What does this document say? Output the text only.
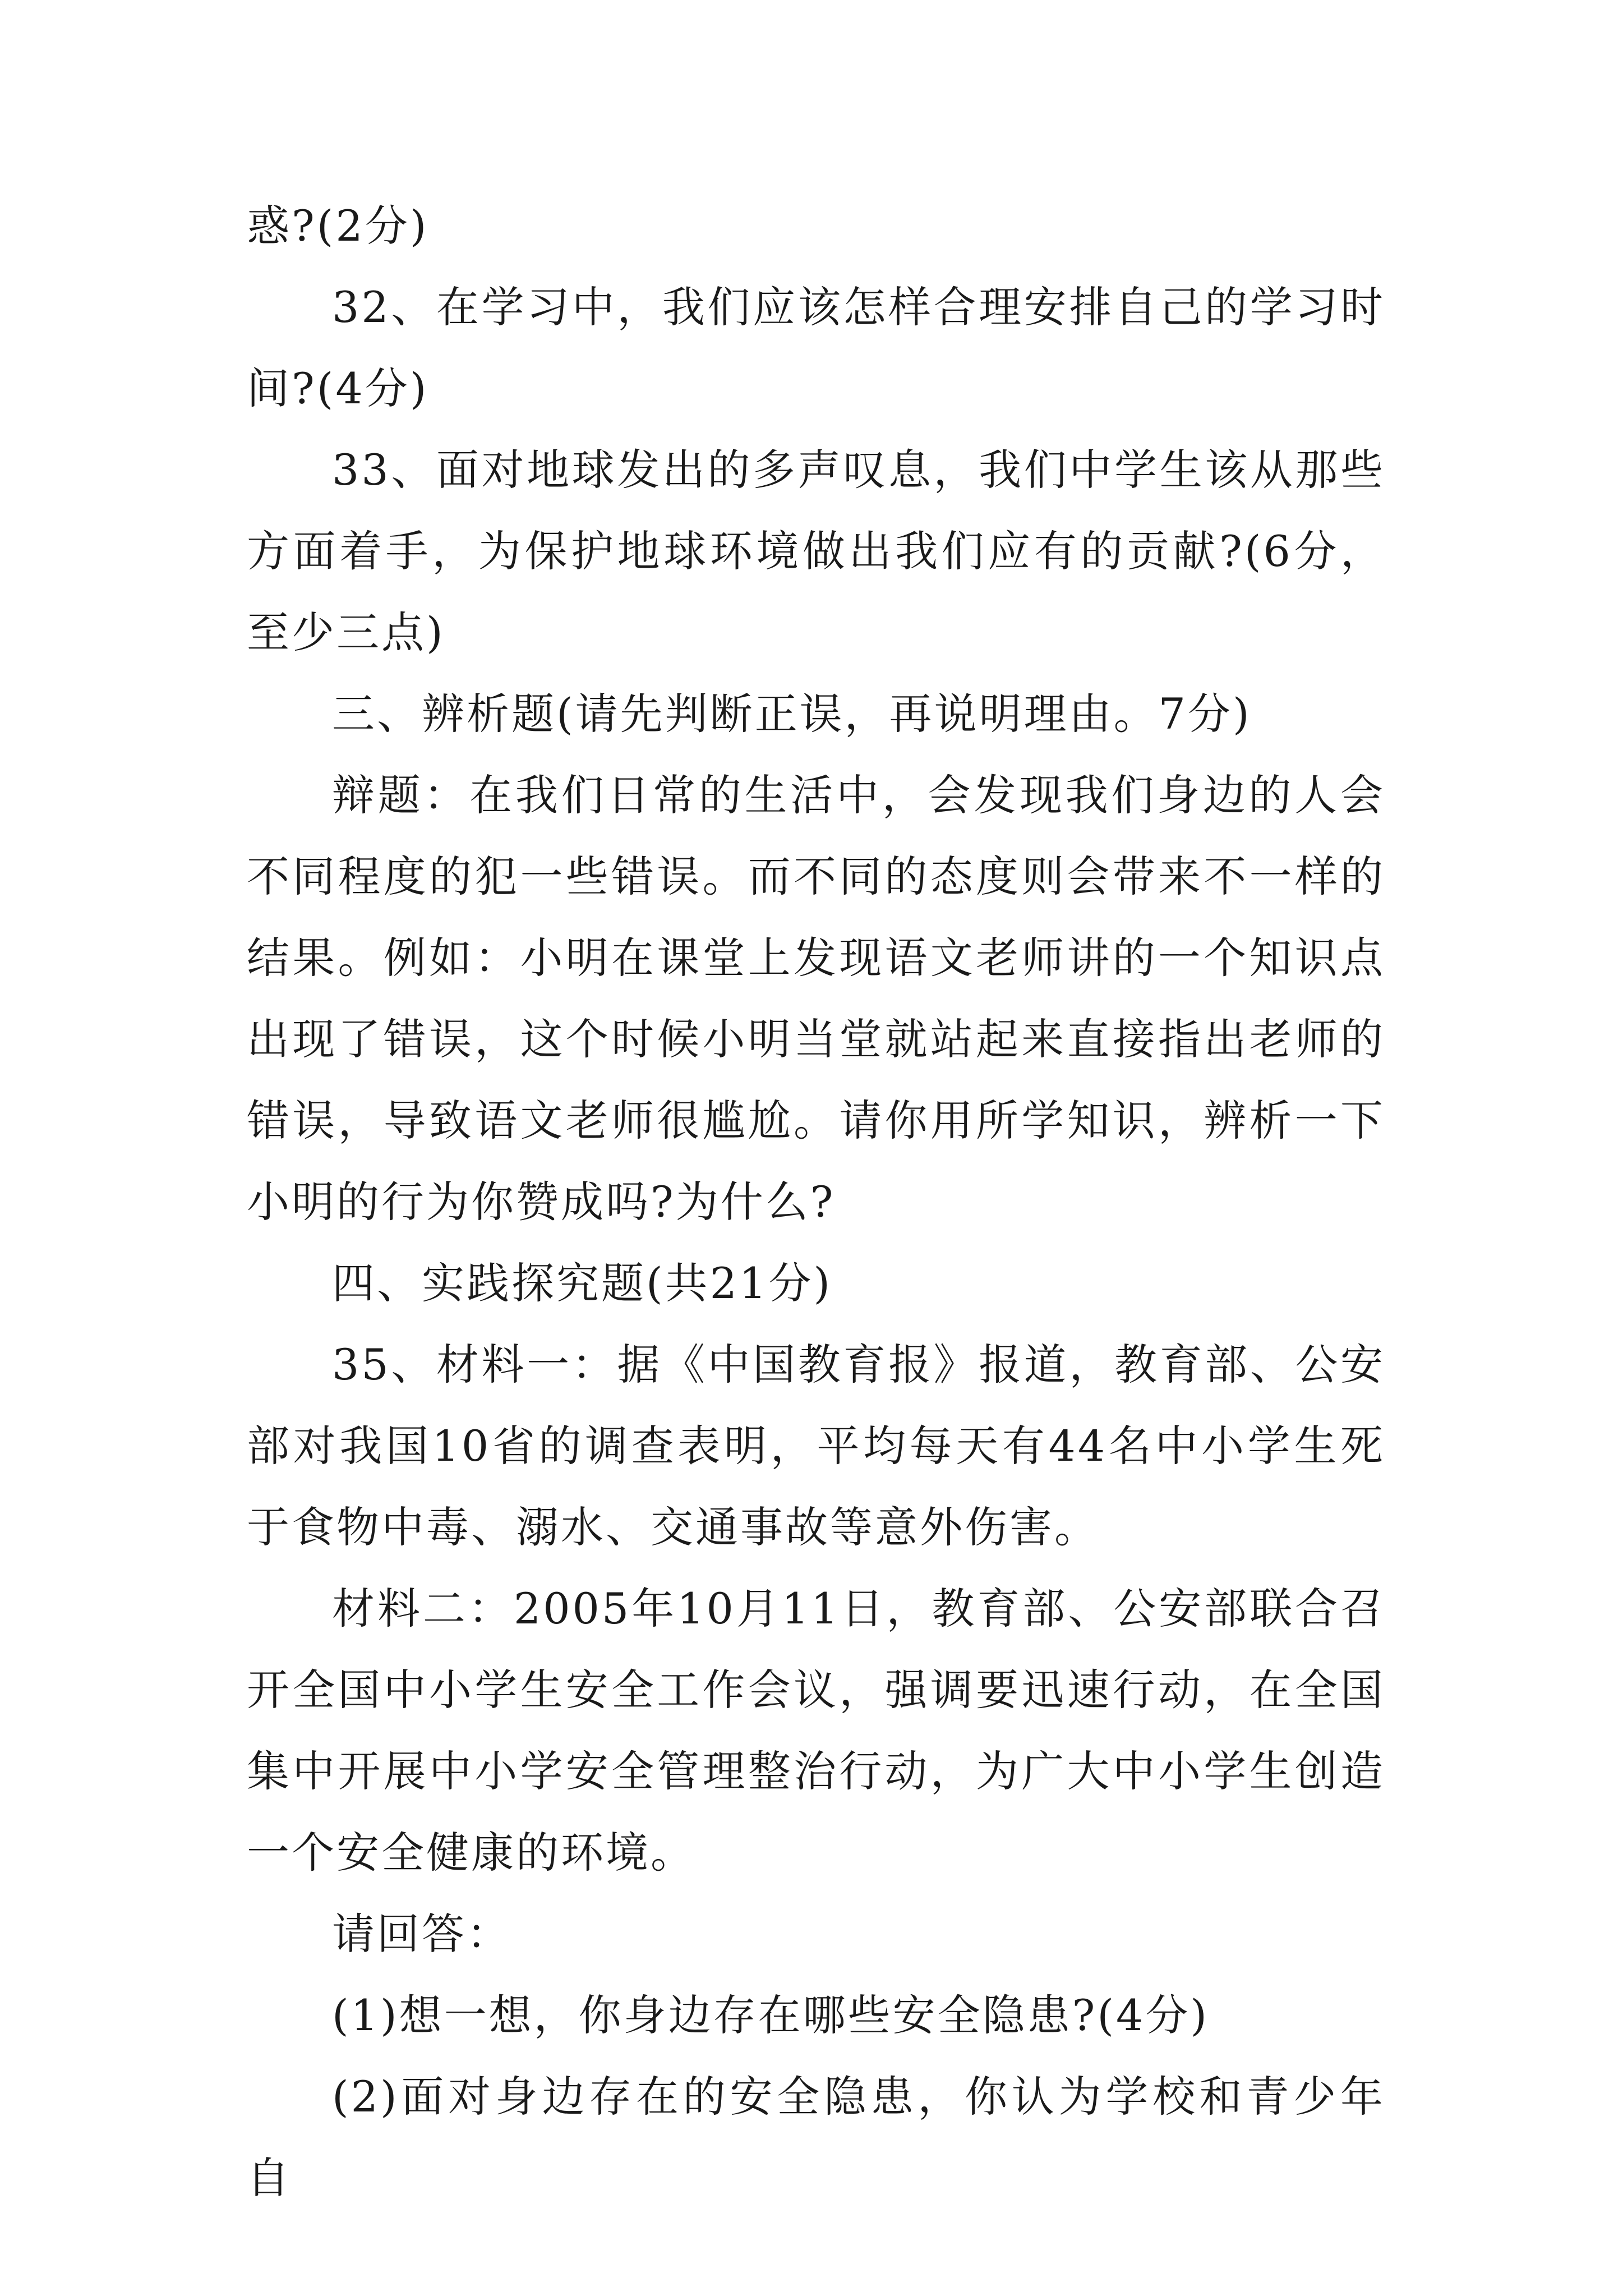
惑?(2分)

32、在学习中，我们应该怎样合理安排自己的学习时间?(4分)

33、面对地球发出的多声叹息，我们中学生该从那些方面着手，为保护地球环境做出我们应有的贡献?(6分，至少三点)

三、辨析题(请先判断正误，再说明理由。7分)

辩题：在我们日常的生活中，会发现我们身边的人会不同程度的犯一些错误。而不同的态度则会带来不一样的结果。例如：小明在课堂上发现语文老师讲的一个知识点出现了错误，这个时候小明当堂就站起来直接指出老师的错误，导致语文老师很尴尬。请你用所学知识，辨析一下小明的行为你赞成吗?为什么?

四、实践探究题(共21分)

35、材料一：据《中国教育报》报道，教育部、公安部对我国10省的调查表明，平均每天有44名中小学生死于食物中毒、溺水、交通事故等意外伤害。

材料二：2005年10月11日，教育部、公安部联合召开全国中小学生安全工作会议，强调要迅速行动，在全国集中开展中小学安全管理整治行动，为广大中小学生创造一个安全健康的环境。

请回答：

(1)想一想，你身边存在哪些安全隐患?(4分)

(2)面对身边存在的安全隐患，你认为学校和青少年自
